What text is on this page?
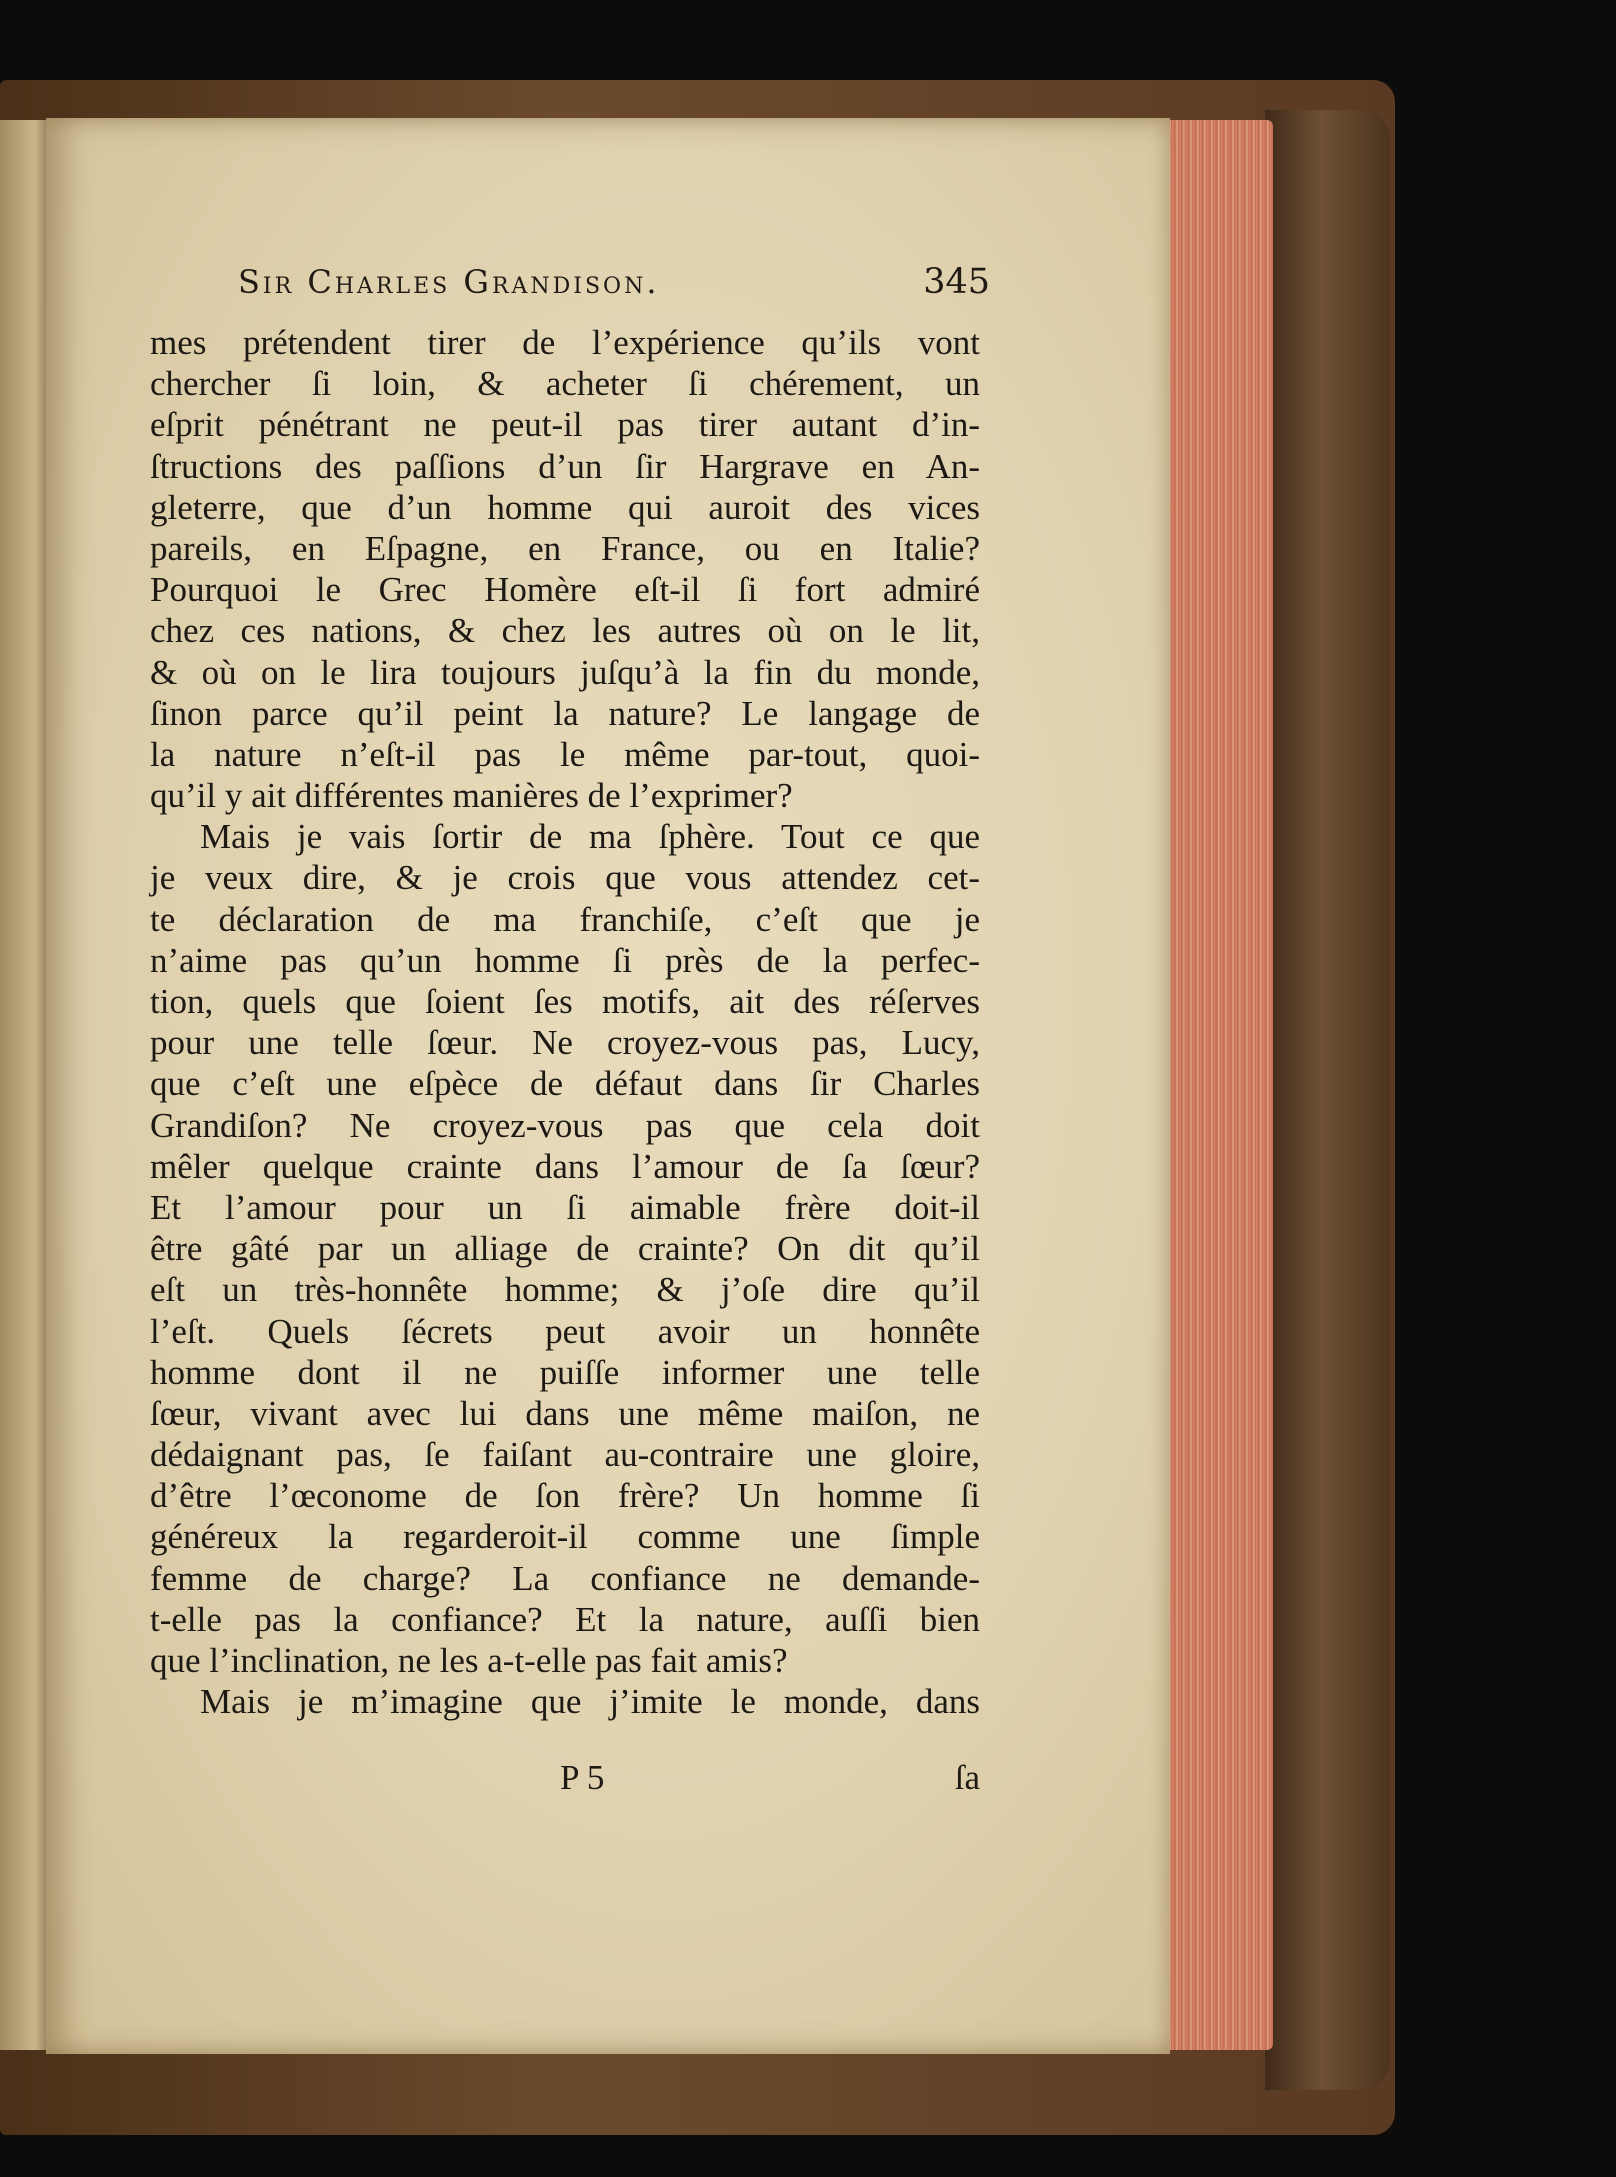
Sir Charles Grandison.	345
mes prétendent tirer de l’expérience qu’ils vont
chercher ſi loin, & acheter ſi chérement, un
eſprit pénétrant ne peut-il pas tirer autant d’in-
ſtructions des paſſions d’un ſir Hargrave en An-
gleterre, que d’un homme qui auroit des vices
pareils, en Eſpagne, en France, ou en Italie?
Pourquoi le Grec Homère eſt-il ſi fort admiré
chez ces nations, & chez les autres où on le lit,
& où on le lira toujours juſqu’à la fin du monde,
ſinon parce qu’il peint la nature? Le langage de
la nature n’eſt-il pas le même par-tout, quoi-
qu’il y ait différentes manières de l’exprimer?
Mais je vais ſortir de ma ſphère. Tout ce que
je veux dire, & je crois que vous attendez cet-
te déclaration de ma franchiſe, c’eſt que je
n’aime pas qu’un homme ſi près de la perfec-
tion, quels que ſoient ſes motifs, ait des réſerves
pour une telle ſœur. Ne croyez-vous pas, Lucy,
que c’eſt une eſpèce de défaut dans ſir Charles
Grandiſon? Ne croyez-vous pas que cela doit
mêler quelque crainte dans l’amour de ſa ſœur?
Et l’amour pour un ſi aimable frère doit-il
être gâté par un alliage de crainte? On dit qu’il
eſt un très-honnête homme; & j’oſe dire qu’il
l’eſt. Quels ſécrets peut avoir un honnête
homme dont il ne puiſſe informer une telle
ſœur, vivant avec lui dans une même maiſon, ne
dédaignant pas, ſe faiſant au-contraire une gloire,
d’être l’œconome de ſon frère? Un homme ſi
généreux la regarderoit-il comme une ſimple
femme de charge? La confiance ne demande-
t-elle pas la confiance? Et la nature, auſſi bien
que l’inclination, ne les a-t-elle pas fait amis?
Mais je m’imagine que j’imite le monde, dans
P 5	ſa
